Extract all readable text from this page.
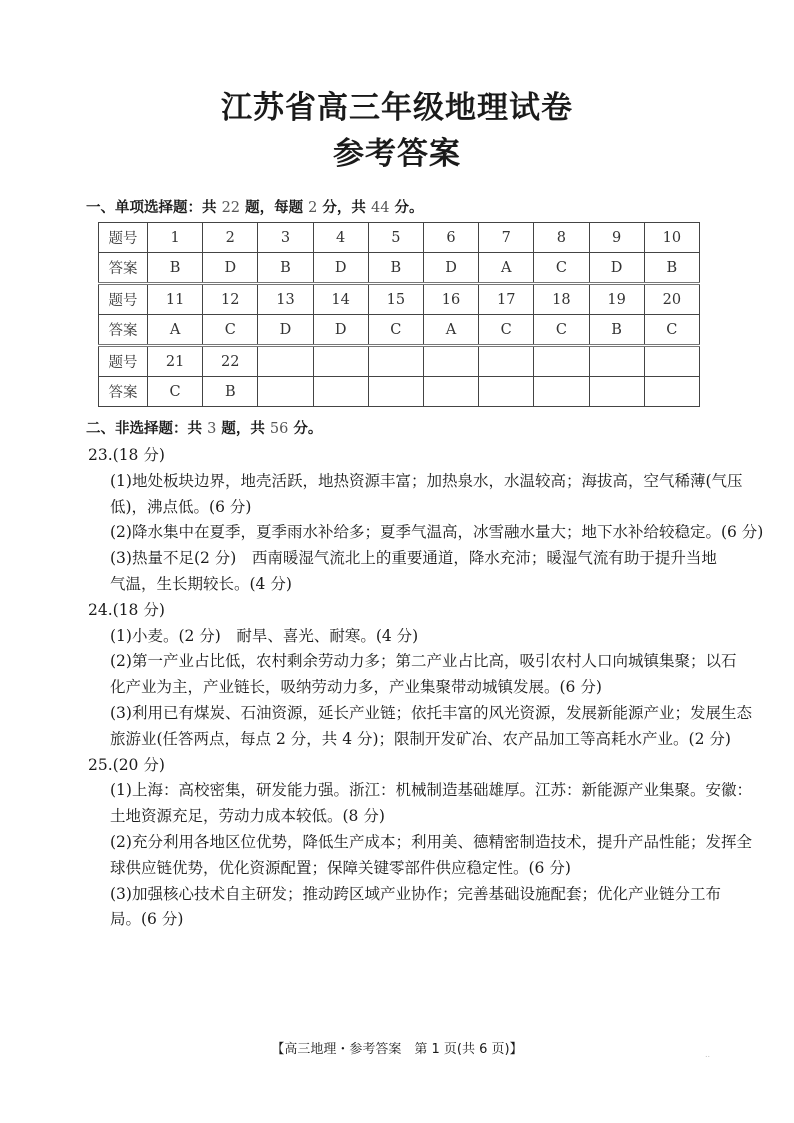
江苏省高三年级地理试卷
参考答案
一、单项选择题：共 22 题，每题 2 分，共 44 分。
题号	1	2	3	4	5	6	7	8	9	10
答案	B	D	B	D	B	D	A	C	D	B
题号	11	12	13	14	15	16	17	18	19	20
答案	A	C	D	D	C	A	C	C	B	C
题号	21	22								
答案	C	B								
二、非选择题：共 3 题，共 56 分。
23.(18 分)
(1)地处板块边界，地壳活跃，地热资源丰富；加热泉水，水温较高；海拔高，空气稀薄(气压
低)，沸点低。(6 分)
(2)降水集中在夏季，夏季雨水补给多；夏季气温高，冰雪融水量大；地下水补给较稳定。(6 分)
(3)热量不足(2 分)　西南暖湿气流北上的重要通道，降水充沛；暖湿气流有助于提升当地
气温，生长期较长。(4 分)
24.(18 分)
(1)小麦。(2 分)　耐旱、喜光、耐寒。(4 分)
(2)第一产业占比低，农村剩余劳动力多；第二产业占比高，吸引农村人口向城镇集聚；以石
化产业为主，产业链长，吸纳劳动力多，产业集聚带动城镇发展。(6 分)
(3)利用已有煤炭、石油资源，延长产业链；依托丰富的风光资源，发展新能源产业；发展生态
旅游业(任答两点，每点 2 分，共 4 分)；限制开发矿冶、农产品加工等高耗水产业。(2 分)
25.(20 分)
(1)上海：高校密集，研发能力强。浙江：机械制造基础雄厚。江苏：新能源产业集聚。安徽：
土地资源充足，劳动力成本较低。(8 分)
(2)充分利用各地区位优势，降低生产成本；利用美、德精密制造技术，提升产品性能；发挥全
球供应链优势，优化资源配置；保障关键零部件供应稳定性。(6 分)
(3)加强核心技术自主研发；推动跨区域产业协作；完善基础设施配套；优化产业链分工布
局。(6 分)
【高三地理・参考答案　第 1 页(共 6 页)】	..
